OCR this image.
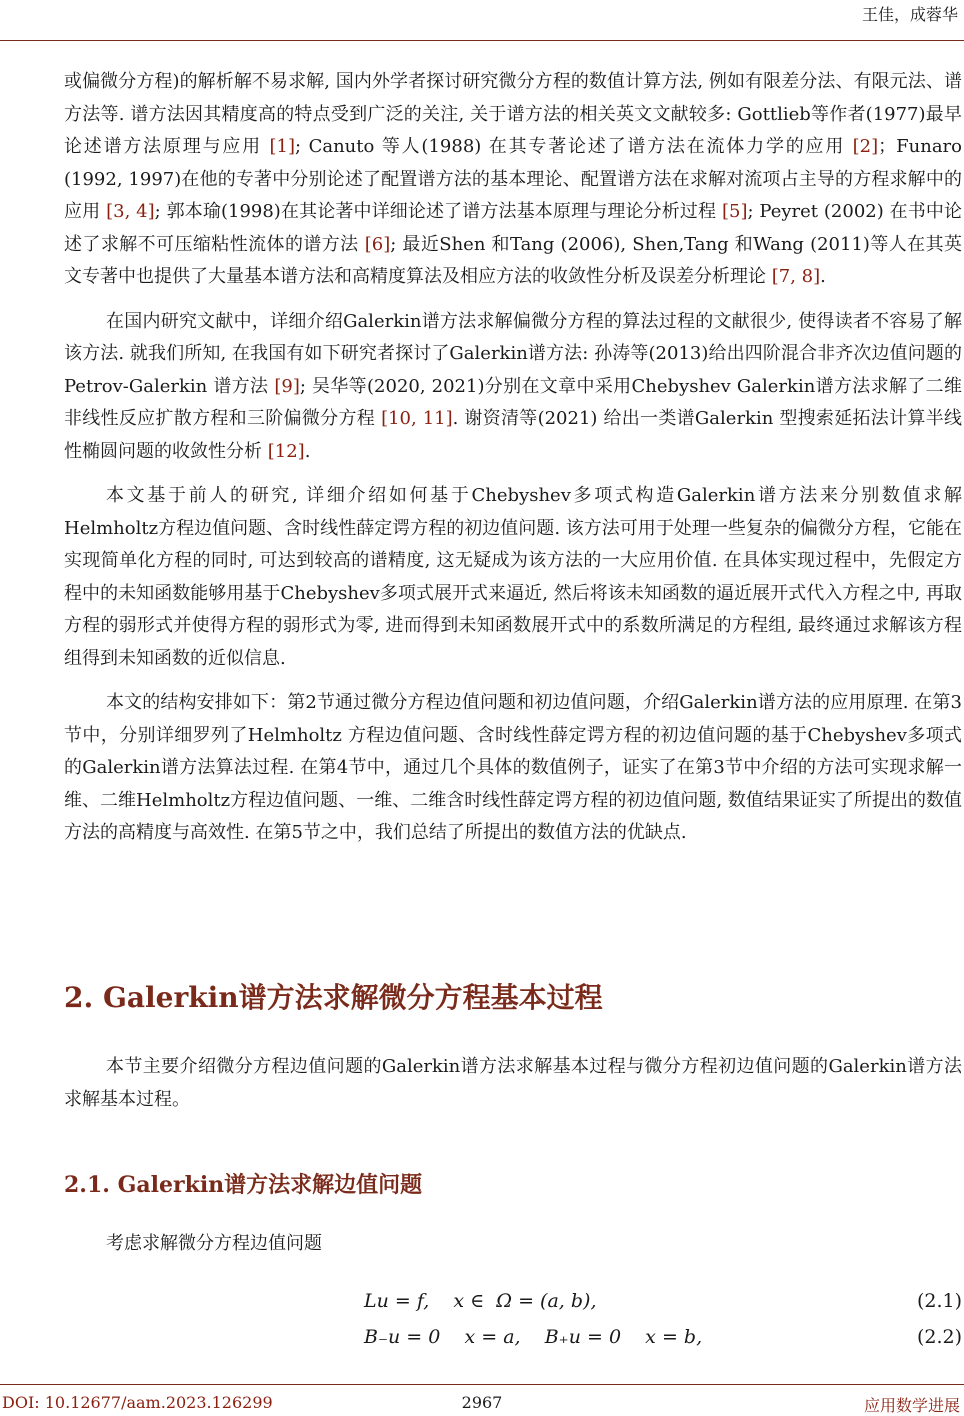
王佳，成蓉华

或偏微分方程)的解析解不易求解, 国内外学者探讨研究微分方程的数值计算方法, 例如有限差分法、有限元法、谱方法等. 谱方法因其精度高的特点受到广泛的关注, 关于谱方法的相关英文文献较多: Gottlieb等作者(1977)最早论述谱方法原理与应用 [1]; Canuto 等人(1988) 在其专著论述了谱方法在流体力学的应用 [2]；Funaro (1992, 1997)在他的专著中分别论述了配置谱方法的基本理论、配置谱方法在求解对流项占主导的方程求解中的应用 [3, 4]; 郭本瑜(1998)在其论著中详细论述了谱方法基本原理与理论分析过程 [5]; Peyret (2002) 在书中论述了求解不可压缩粘性流体的谱方法 [6]; 最近Shen 和Tang (2006), Shen,Tang 和Wang (2011)等人在其英文专著中也提供了大量基本谱方法和高精度算法及相应方法的收敛性分析及误差分析理论 [7, 8].

在国内研究文献中，详细介绍Galerkin谱方法求解偏微分方程的算法过程的文献很少, 使得读者不容易了解该方法. 就我们所知, 在我国有如下研究者探讨了Galerkin谱方法: 孙涛等(2013)给出四阶混合非齐次边值问题的Petrov-Galerkin 谱方法 [9]; 吴华等(2020, 2021)分别在文章中采用Chebyshev Galerkin谱方法求解了二维非线性反应扩散方程和三阶偏微分方程 [10, 11]. 谢资清等(2021) 给出一类谱Galerkin 型搜索延拓法计算半线性椭圆问题的收敛性分析 [12].

本文基于前人的研究, 详细介绍如何基于Chebyshev多项式构造Galerkin谱方法来分别数值求解Helmholtz方程边值问题、含时线性薛定谔方程的初边值问题. 该方法可用于处理一些复杂的偏微分方程，它能在实现简单化方程的同时, 可达到较高的谱精度, 这无疑成为该方法的一大应用价值. 在具体实现过程中，先假定方程中的未知函数能够用基于Chebyshev多项式展开式来逼近, 然后将该未知函数的逼近展开式代入方程之中, 再取方程的弱形式并使得方程的弱形式为零, 进而得到未知函数展开式中的系数所满足的方程组, 最终通过求解该方程组得到未知函数的近似信息.

本文的结构安排如下：第2节通过微分方程边值问题和初边值问题，介绍Galerkin谱方法的应用原理. 在第3 节中，分别详细罗列了Helmholtz 方程边值问题、含时线性薛定谔方程的初边值问题的基于Chebyshev多项式的Galerkin谱方法算法过程. 在第4节中，通过几个具体的数值例子，证实了在第3节中介绍的方法可实现求解一维、二维Helmholtz方程边值问题、一维、二维含时线性薛定谔方程的初边值问题, 数值结果证实了所提出的数值方法的高精度与高效性. 在第5节之中，我们总结了所提出的数值方法的优缺点.

2. Galerkin谱方法求解微分方程基本过程

本节主要介绍微分方程边值问题的Galerkin谱方法求解基本过程与微分方程初边值问题的Galerkin谱方法求解基本过程。

2.1. Galerkin谱方法求解边值问题

考虑求解微分方程边值问题

Lu = f,    x ∈  Ω = (a, b),	(2.1)
B₋u = 0    x = a,    B₊u = 0    x = b,	(2.2)
DOI: 10.12677/aam.2023.126299	2967	应用数学进展
